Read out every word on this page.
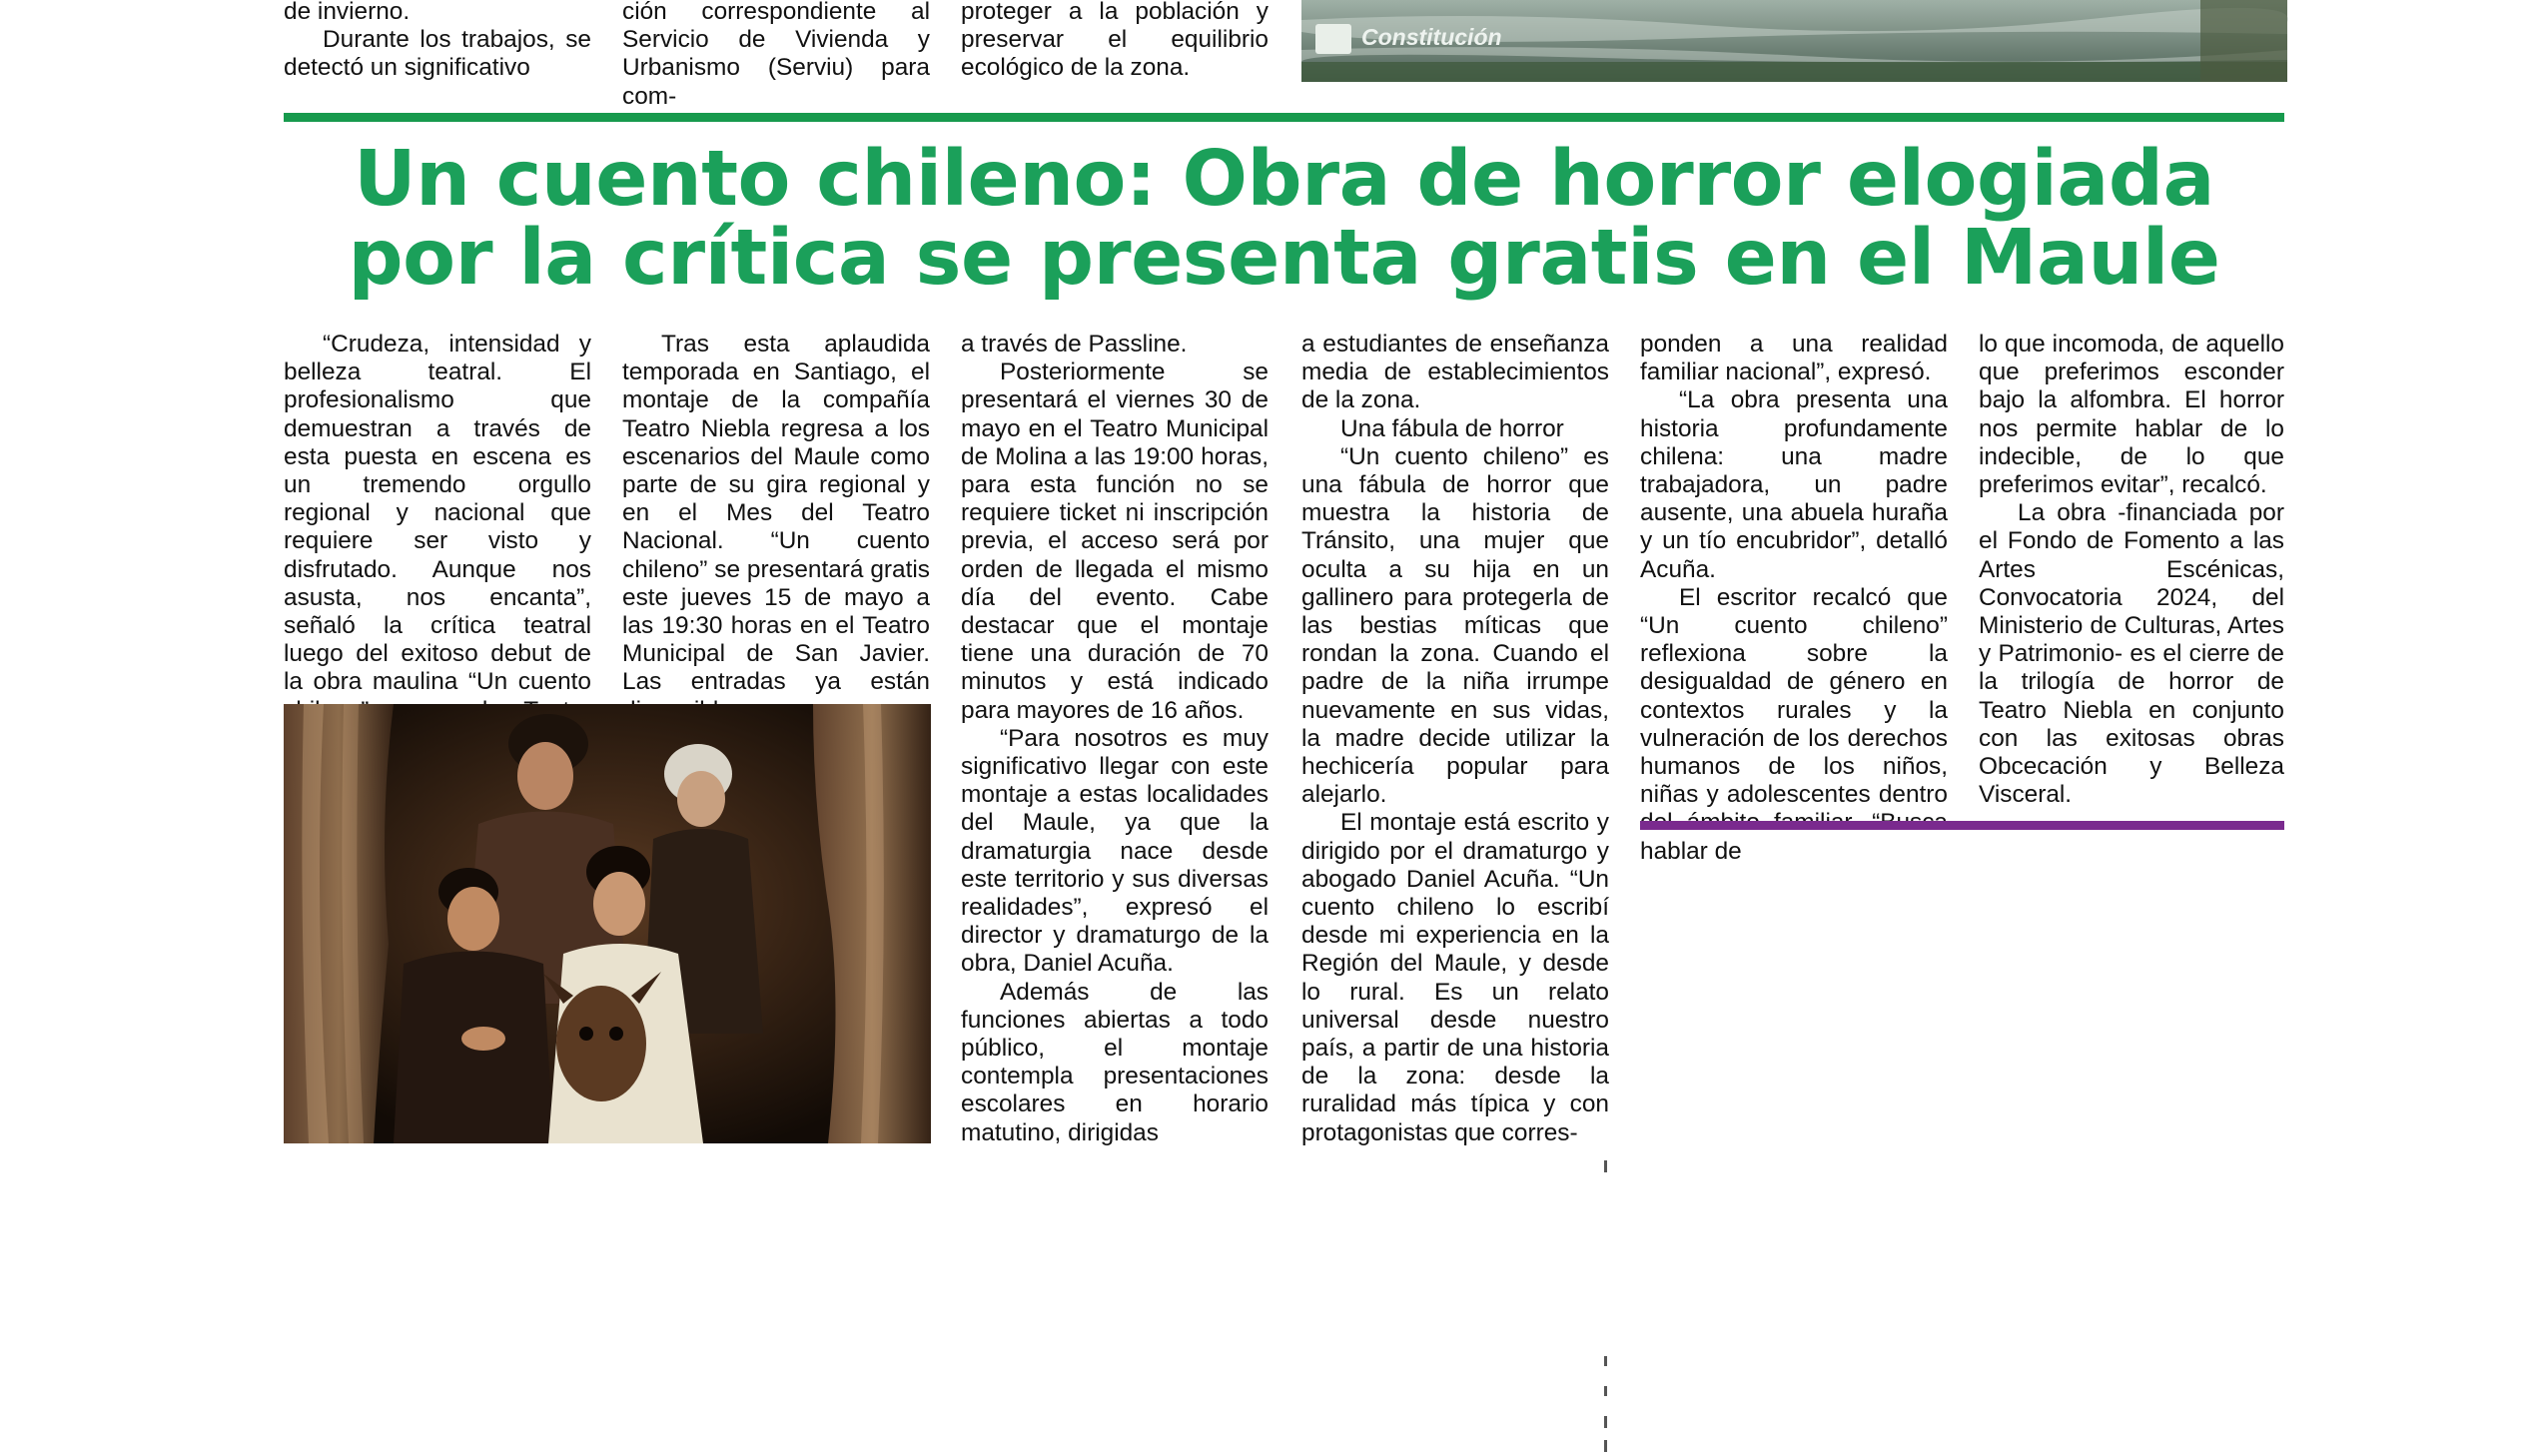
de invierno.

Durante los trabajos, se detectó un significativo

ción correspondiente al Servicio de Vivienda y Urbanismo (Serviu) para com-

proteger a la población y preservar el equilibrio ecológico de la zona.

Constitución
Un cuento chileno: Obra de horror elogiada por la crítica se presenta gratis en el Maule

“Crudeza, intensidad y belleza teatral. El profesionalismo que demuestran a través de esta puesta en escena es un tremendo orgullo regional y nacional que requiere ser visto y disfrutado. Aunque nos asusta, nos encanta”, señaló la crítica teatral luego del exitoso debut de la obra maulina “Un cuento

Tras esta aplaudida temporada en Santiago, el montaje de la compañía Teatro Niebla regresa a los escenarios del Maule como parte de su gira regional y en el Mes del Teatro Nacional. “Un cuento chileno” se presentará gratis este jueves 15 de mayo a las 19:30 horas en el Teatro Municipal de San Javier. Las entradas ya están

a través de Passline.

Posteriormente se presentará el viernes 30 de mayo en el Teatro Municipal de Molina a las 19:00 horas, para esta función no se requiere ticket ni inscripción previa, el acceso será por orden de llegada el mismo día del evento. Cabe destacar que el montaje tiene una duración de 70 minutos y está indicado para mayores de 16 años.

“Para nosotros es muy significativo llegar con este montaje a estas localidades del Maule, ya que la dramaturgia nace desde este territorio y sus diversas realidades”, expresó el director y dramaturgo de la obra, Daniel Acuña.

Además de las funciones abiertas a todo público, el montaje contempla presentaciones escolares en horario matutino, dirigidas

a estudiantes de enseñanza media de establecimientos de la zona.

Una fábula de horror

“Un cuento chileno” es una fábula de horror que muestra la historia de Tránsito, una mujer que oculta a su hija en un gallinero para protegerla de las bestias míticas que rondan la zona. Cuando el padre de la niña irrumpe nuevamente en sus vidas, la madre decide utilizar la hechicería popular para alejarlo.

El montaje está escrito y dirigido por el dramaturgo y abogado Daniel Acuña. “Un cuento chileno lo escribí desde mi experiencia en la Región del Maule, y desde lo rural. Es un relato universal desde nuestro país, a partir de una historia de la zona: desde la ruralidad más típica y con protagonistas que corres-

ponden a una realidad familiar nacional”, expresó.

“La obra presenta una historia profundamente chilena: una madre trabajadora, un padre ausente, una abuela huraña y un tío encubridor”, detalló Acuña.

El escritor recalcó que “Un cuento chileno” reflexiona sobre la desigualdad de género en contextos rurales y la vulneración de los derechos humanos de los niños, niñas y adolescentes dentro hablar de

lo que incomoda, de aquello que preferimos esconder bajo la alfombra. El horror nos permite hablar de lo indecible, de lo que preferimos evitar”, recalcó.

La obra -financiada por el Fondo de Fomento a las Artes Escénicas, Convocatoria 2024, del Ministerio de Culturas, Artes y Patrimonio- es el cierre de la trilogía de horror de Teatro Niebla en conjunto con las exitosas obras Obcecación y Belleza Visceral.
